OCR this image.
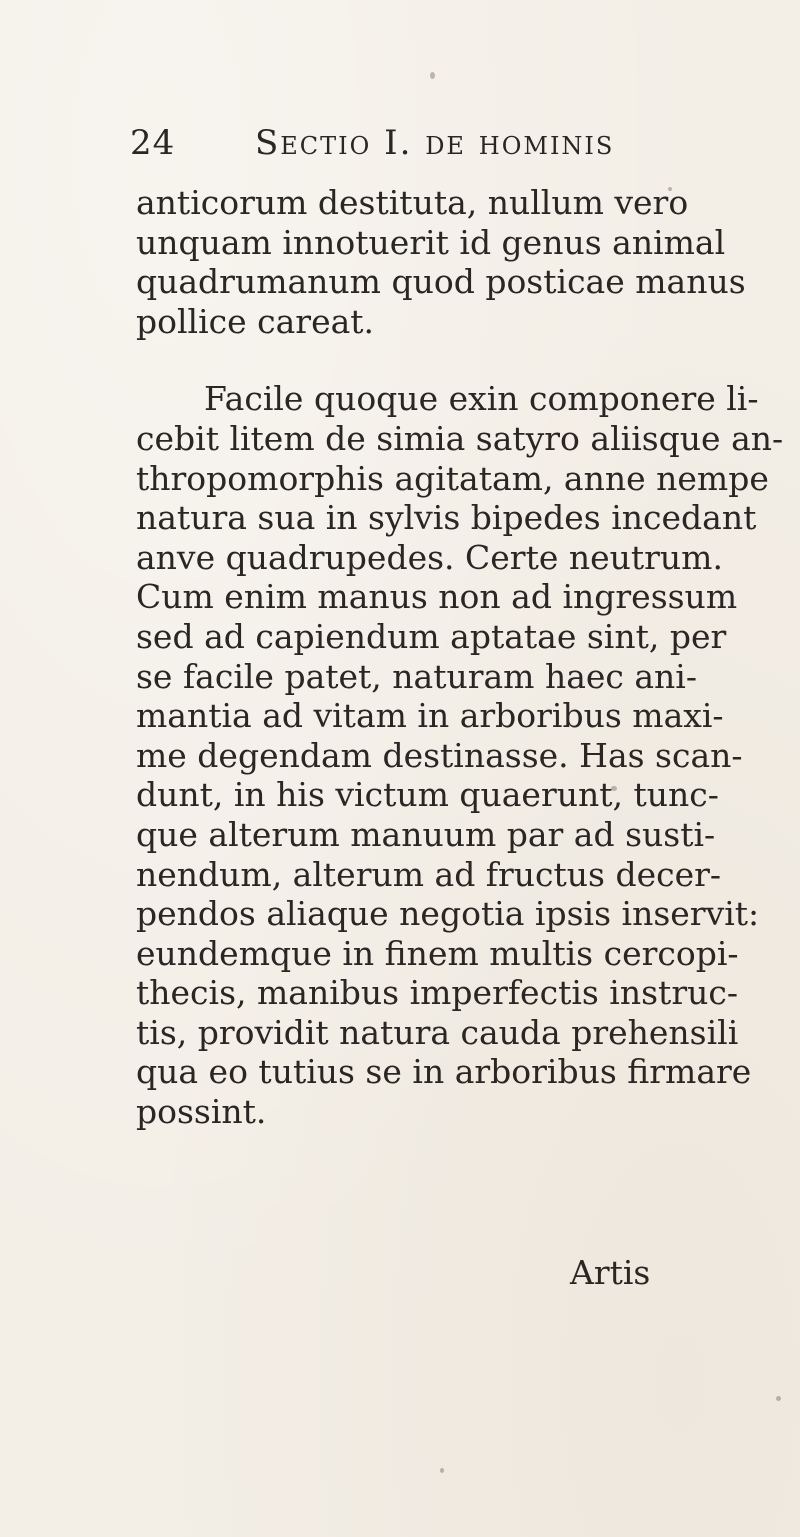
24 Sectio I. de hominis
anticorum destituta, nullum vero
unquam innotuerit id genus animal
quadrumanum quod posticae manus
pollice careat.
Facile quoque exin componere li-
cebit litem de simia satyro aliisque an-
thropomorphis agitatam, anne nempe
natura sua in sylvis bipedes incedant
anve quadrupedes. Certe neutrum.
Cum enim manus non ad ingressum
sed ad capiendum aptatae sint, per
se facile patet, naturam haec ani-
mantia ad vitam in arboribus maxi-
me degendam destinasse. Has scan-
dunt, in his victum quaerunt, tunc-
que alterum manuum par ad susti-
nendum, alterum ad fructus decer-
pendos aliaque negotia ipsis inservit:
eundemque in finem multis cercopi-
thecis, manibus imperfectis instruc-
tis, providit natura cauda prehensili
qua eo tutius se in arboribus firmare
possint.
Artis
